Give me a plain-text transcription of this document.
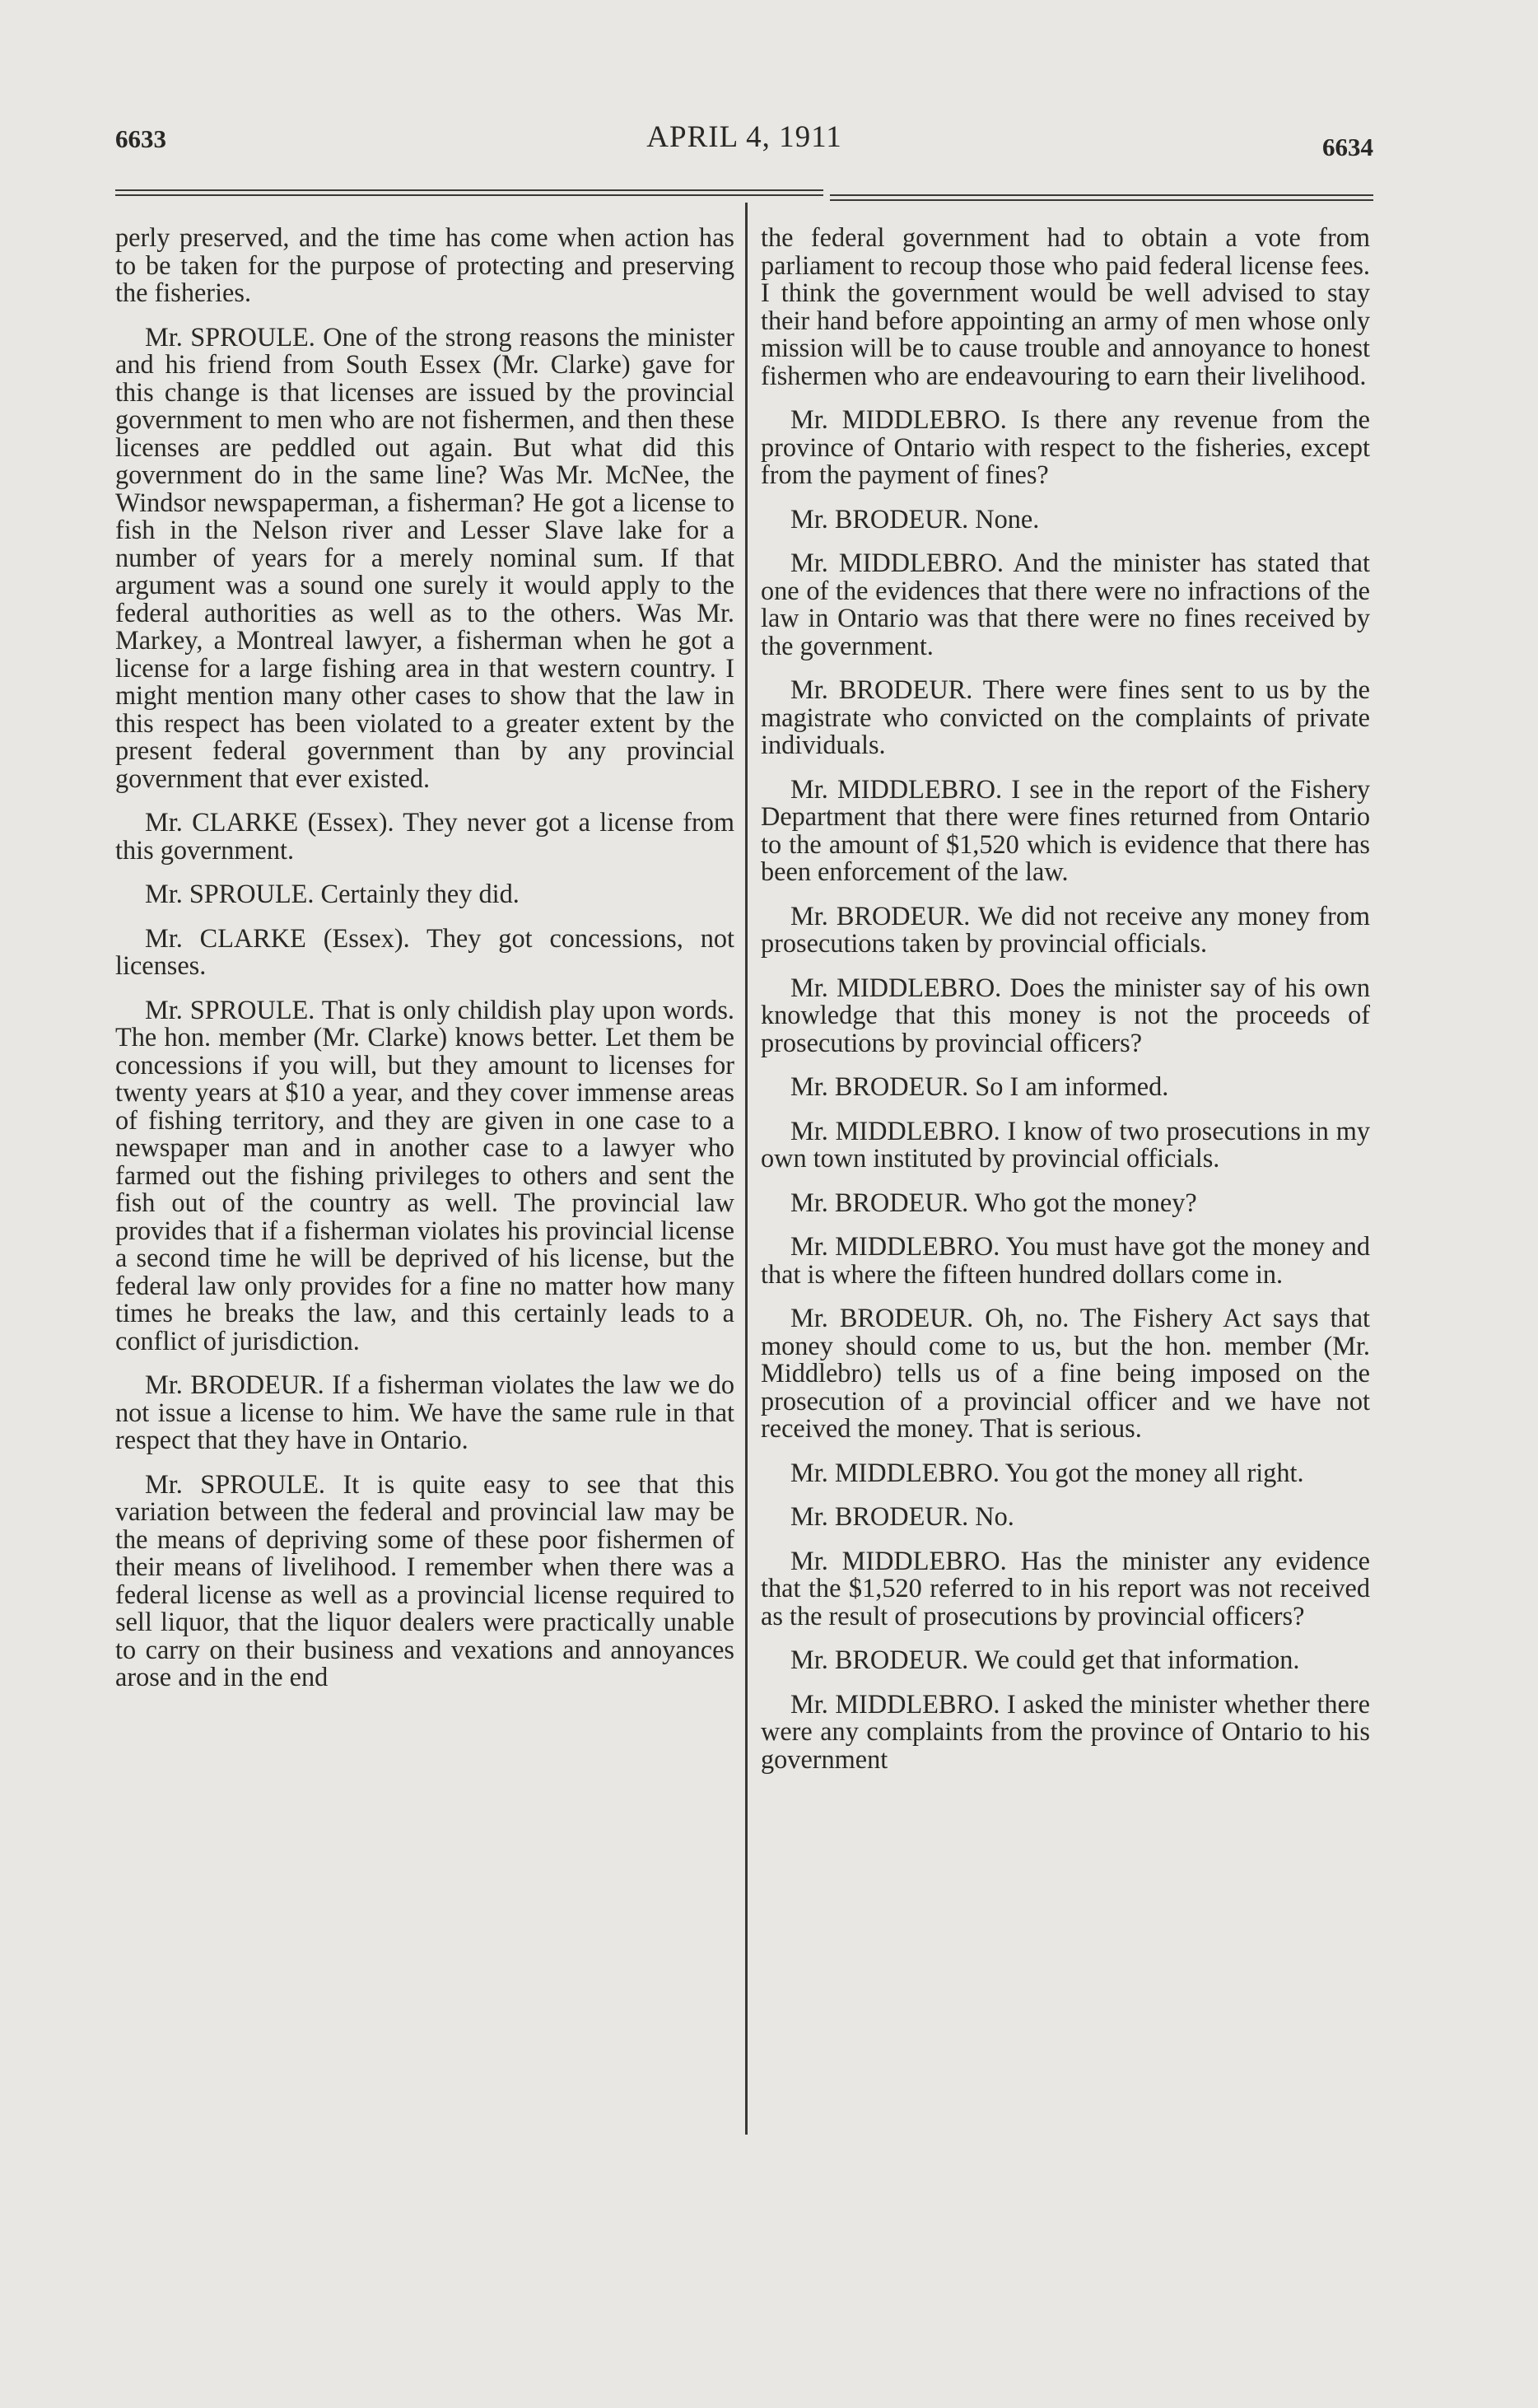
6633	APRIL 4, 1911	6634

perly preserved, and the time has come when action has to be taken for the purpose of protecting and preserving the fisheries.

Mr. SPROULE. One of the strong reasons the minister and his friend from South Essex (Mr. Clarke) gave for this change is that licenses are issued by the provincial government to men who are not fishermen, and then these licenses are peddled out again. But what did this government do in the same line? Was Mr. McNee, the Windsor newspaperman, a fisherman? He got a license to fish in the Nelson river and Lesser Slave lake for a number of years for a merely nominal sum. If that argument was a sound one surely it would apply to the federal authorities as well as to the others. Was Mr. Markey, a Montreal lawyer, a fisherman when he got a license for a large fishing area in that western country. I might mention many other cases to show that the law in this respect has been violated to a greater extent by the present federal government than by any provincial government that ever existed.

Mr. CLARKE (Essex). They never got a license from this government.

Mr. SPROULE. Certainly they did.

Mr. CLARKE (Essex). They got concessions, not licenses.

Mr. SPROULE. That is only childish play upon words. The hon. member (Mr. Clarke) knows better. Let them be concessions if you will, but they amount to licenses for twenty years at $10 a year, and they cover immense areas of fishing territory, and they are given in one case to a newspaper man and in another case to a lawyer who farmed out the fishing privileges to others and sent the fish out of the country as well. The provincial law provides that if a fisherman violates his provincial license a second time he will be deprived of his license, but the federal law only provides for a fine no matter how many times he breaks the law, and this certainly leads to a conflict of jurisdiction.

Mr. BRODEUR. If a fisherman violates the law we do not issue a license to him. We have the same rule in that respect that they have in Ontario.

Mr. SPROULE. It is quite easy to see that this variation between the federal and provincial law may be the means of depriving some of these poor fishermen of their means of livelihood. I remember when there was a federal license as well as a provincial license required to sell liquor, that the liquor dealers were practically unable to carry on their business and vexations and annoyances arose and in the end

the federal government had to obtain a vote from parliament to recoup those who paid federal license fees. I think the government would be well advised to stay their hand before appointing an army of men whose only mission will be to cause trouble and annoyance to honest fishermen who are endeavouring to earn their livelihood.

Mr. MIDDLEBRO. Is there any revenue from the province of Ontario with respect to the fisheries, except from the payment of fines?

Mr. BRODEUR. None.

Mr. MIDDLEBRO. And the minister has stated that one of the evidences that there were no infractions of the law in Ontario was that there were no fines received by the government.

Mr. BRODEUR. There were fines sent to us by the magistrate who convicted on the complaints of private individuals.

Mr. MIDDLEBRO. I see in the report of the Fishery Department that there were fines returned from Ontario to the amount of $1,520 which is evidence that there has been enforcement of the law.

Mr. BRODEUR. We did not receive any money from prosecutions taken by provincial officials.

Mr. MIDDLEBRO. Does the minister say of his own knowledge that this money is not the proceeds of prosecutions by provincial officers?

Mr. BRODEUR. So I am informed.

Mr. MIDDLEBRO. I know of two prosecutions in my own town instituted by provincial officials.

Mr. BRODEUR. Who got the money?

Mr. MIDDLEBRO. You must have got the money and that is where the fifteen hundred dollars come in.

Mr. BRODEUR. Oh, no. The Fishery Act says that money should come to us, but the hon. member (Mr. Middlebro) tells us of a fine being imposed on the prosecution of a provincial officer and we have not received the money. That is serious.

Mr. MIDDLEBRO. You got the money all right.

Mr. BRODEUR. No.

Mr. MIDDLEBRO. Has the minister any evidence that the $1,520 referred to in his report was not received as the result of prosecutions by provincial officers?

Mr. BRODEUR. We could get that information.

Mr. MIDDLEBRO. I asked the minister whether there were any complaints from the province of Ontario to his government
